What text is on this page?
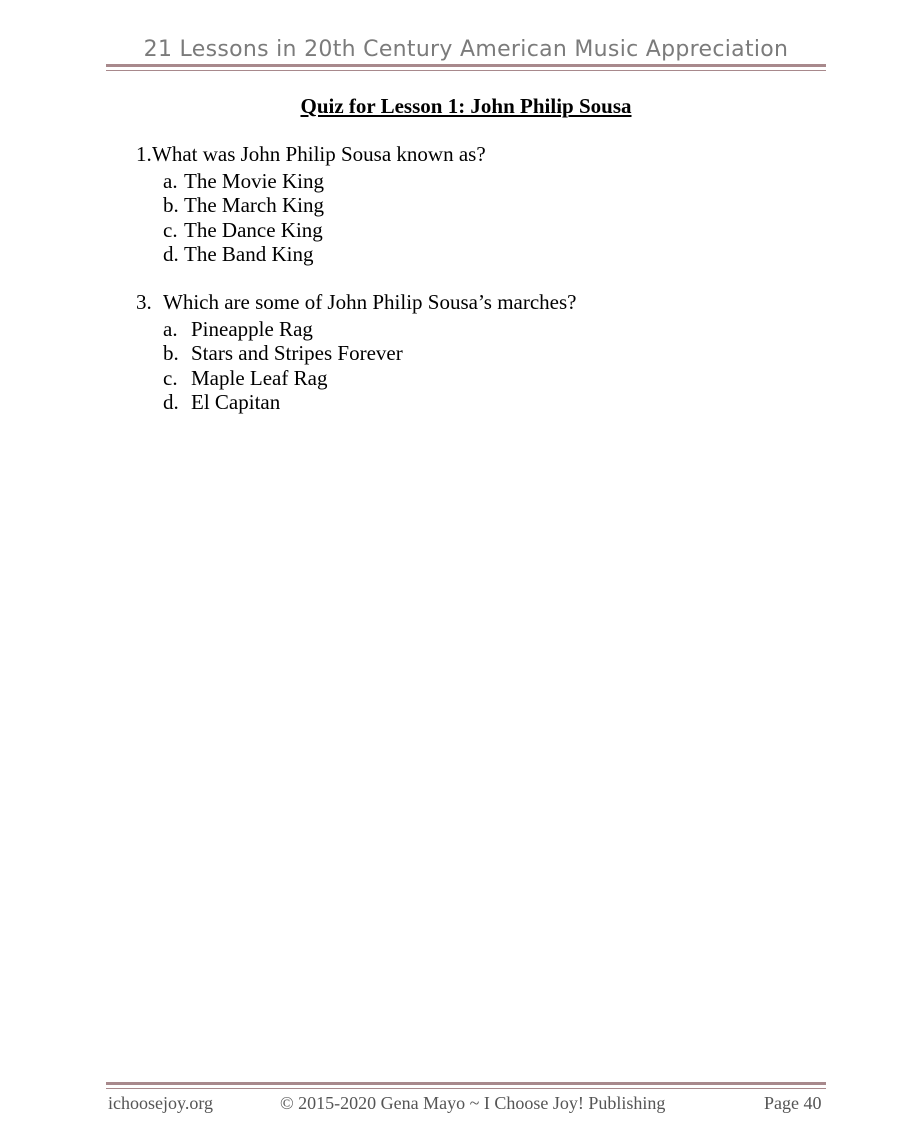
21 Lessons in 20th Century American Music Appreciation
Quiz for Lesson 1: John Philip Sousa
1.What was John Philip Sousa known as?
a. The Movie King
b. The March King
c. The Dance King
d. The Band King
3. Which are some of John Philip Sousa’s marches?
a. Pineapple Rag
b. Stars and Stripes Forever
c. Maple Leaf Rag
d. El Capitan
ichoosejoy.org	© 2015-2020 Gena Mayo ~ I Choose Joy! Publishing	Page 40
